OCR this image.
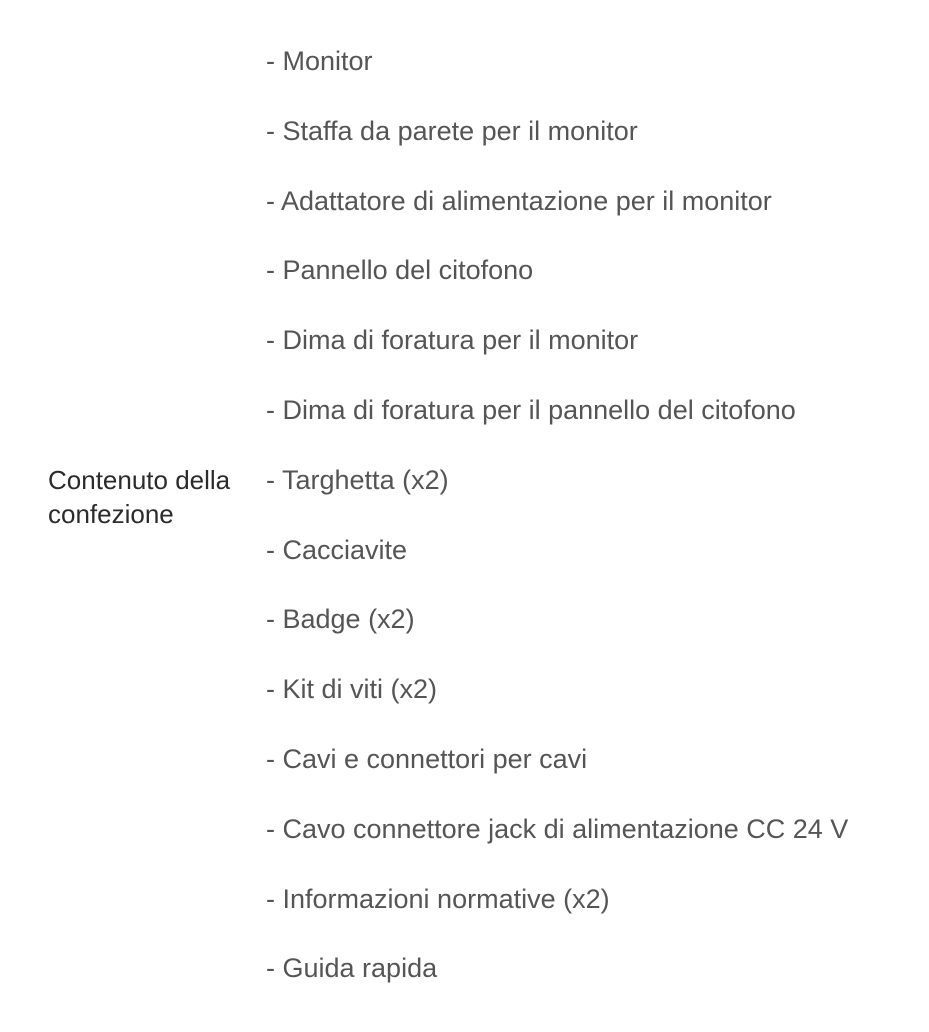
Contenuto della confezione
- Monitor
- Staffa da parete per il monitor
- Adattatore di alimentazione per il monitor
- Pannello del citofono
- Dima di foratura per il monitor
- Dima di foratura per il pannello del citofono
- Targhetta (x2)
- Cacciavite
- Badge (x2)
- Kit di viti (x2)
- Cavi e connettori per cavi
- Cavo connettore jack di alimentazione CC 24 V
- Informazioni normative (x2)
- Guida rapida
